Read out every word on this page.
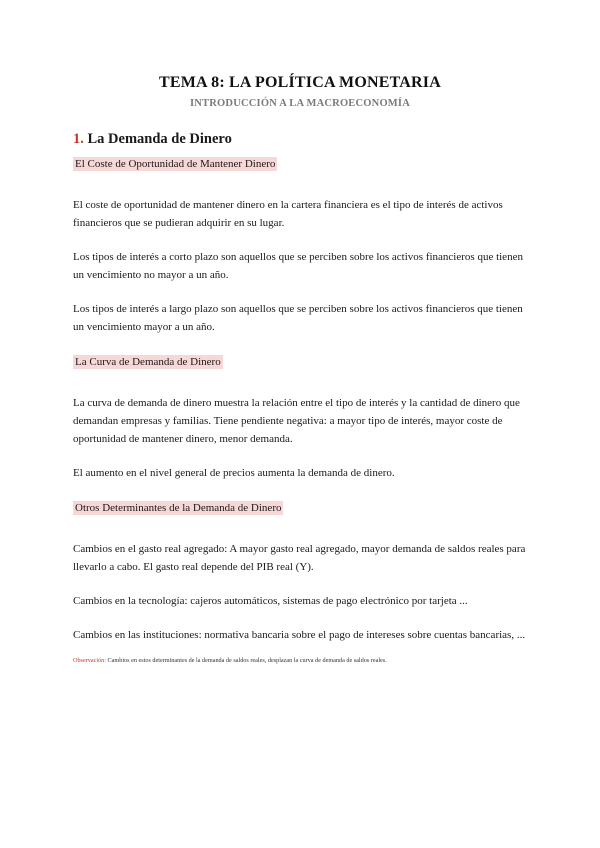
TEMA 8: LA POLÍTICA MONETARIA
INTRODUCCIÓN A LA MACROECONOMÍA
1. La Demanda de Dinero
El Coste de Oportunidad de Mantener Dinero

El coste de oportunidad de mantener dinero en la cartera financiera es el tipo de interés de activos financieros que se pudieran adquirir en su lugar.

Los tipos de interés a corto plazo son aquellos que se perciben sobre los activos financieros que tienen un vencimiento no mayor a un año.

Los tipos de interés a largo plazo son aquellos que se perciben sobre los activos financieros que tienen un vencimiento mayor a un año.

La Curva de Demanda de Dinero

La curva de demanda de dinero muestra la relación entre el tipo de interés y la cantidad de dinero que demandan empresas y familias. Tiene pendiente negativa: a mayor tipo de interés, mayor coste de oportunidad de mantener dinero, menor demanda.

El aumento en el nivel general de precios aumenta la demanda de dinero.

Otros Determinantes de la Demanda de Dinero

Cambios en el gasto real agregado: A mayor gasto real agregado, mayor demanda de saldos reales para llevarlo a cabo. El gasto real depende del PIB real (Y).

Cambios en la tecnología: cajeros automáticos, sistemas de pago electrónico por tarjeta ...

Cambios en las instituciones: normativa bancaria sobre el pago de intereses sobre cuentas bancarias, ...

Observación: Cambios en estos determinantes de la demanda de saldos reales, desplazan la curva de demanda de saldos reales.
